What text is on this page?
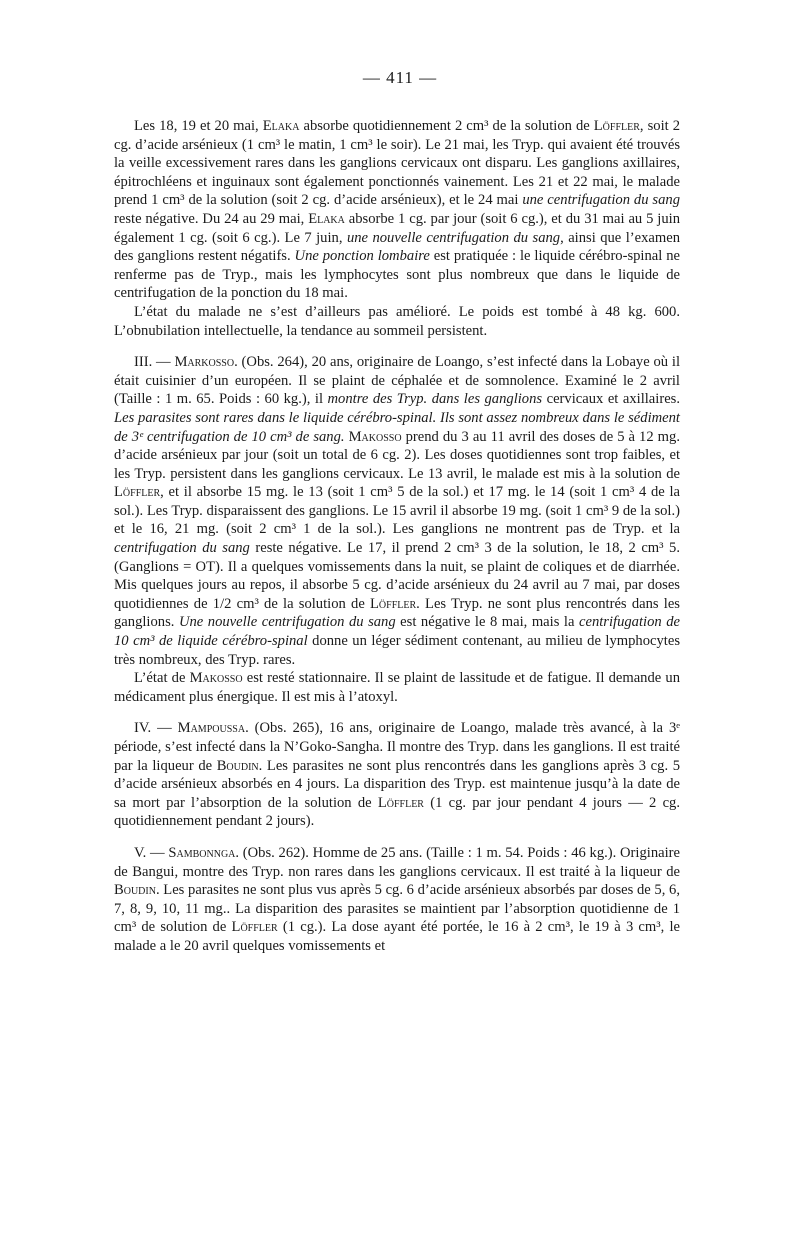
— 411 —

Les 18, 19 et 20 mai, Elaka absorbe quotidiennement 2 cm³ de la solution de Löffler, soit 2 cg. d’acide arsénieux (1 cm³ le matin, 1 cm³ le soir). Le 21 mai, les Tryp. qui avaient été trouvés la veille excessivement rares dans les ganglions cervicaux ont disparu. Les ganglions axillaires, épitrochléens et inguinaux sont également ponctionnés vainement. Les 21 et 22 mai, le malade prend 1 cm³ de la solution (soit 2 cg. d’acide arsénieux), et le 24 mai une centrifugation du sang reste négative. Du 24 au 29 mai, Elaka absorbe 1 cg. par jour (soit 6 cg.), et du 31 mai au 5 juin également 1 cg. (soit 6 cg.). Le 7 juin, une nouvelle centrifugation du sang, ainsi que l’examen des ganglions restent négatifs. Une ponction lombaire est pratiquée : le liquide cérébro-spinal ne renferme pas de Tryp., mais les lymphocytes sont plus nombreux que dans le liquide de centrifugation de la ponction du 18 mai.

L’état du malade ne s’est d’ailleurs pas amélioré. Le poids est tombé à 48 kg. 600. L’obnubilation intellectuelle, la tendance au sommeil persistent.

III. — Markosso. (Obs. 264), 20 ans, originaire de Loango, s’est infecté dans la Lobaye où il était cuisinier d’un européen. Il se plaint de céphalée et de somnolence. Examiné le 2 avril (Taille : 1 m. 65. Poids : 60 kg.), il montre des Tryp. dans les ganglions cervicaux et axillaires. Les parasites sont rares dans le liquide cérébro-spinal. Ils sont assez nombreux dans le sédiment de 3ᵉ centrifugation de 10 cm³ de sang. Makosso prend du 3 au 11 avril des doses de 5 à 12 mg. d’acide arsénieux par jour (soit un total de 6 cg. 2). Les doses quotidiennes sont trop faibles, et les Tryp. persistent dans les ganglions cervicaux. Le 13 avril, le malade est mis à la solution de Löffler, et il absorbe 15 mg. le 13 (soit 1 cm³ 5 de la sol.) et 17 mg. le 14 (soit 1 cm³ 4 de la sol.). Les Tryp. disparaissent des ganglions. Le 15 avril il absorbe 19 mg. (soit 1 cm³ 9 de la sol.) et le 16, 21 mg. (soit 2 cm³ 1 de la sol.). Les ganglions ne montrent pas de Tryp. et la centrifugation du sang reste négative. Le 17, il prend 2 cm³ 3 de la solution, le 18, 2 cm³ 5.(Ganglions = OT). Il a quelques vomissements dans la nuit, se plaint de coliques et de diarrhée. Mis quelques jours au repos, il absorbe 5 cg. d’acide arsénieux du 24 avril au 7 mai, par doses quotidiennes de 1/2 cm³ de la solution de Löffler. Les Tryp. ne sont plus rencontrés dans les ganglions. Une nouvelle centrifugation du sang est négative le 8 mai, mais la centrifugation de 10 cm³ de liquide cérébro-spinal donne un léger sédiment contenant, au milieu de lymphocytes très nombreux, des Tryp. rares.

L’état de Makosso est resté stationnaire. Il se plaint de lassitude et de fatigue. Il demande un médicament plus énergique. Il est mis à l’atoxyl.

IV. — Mampoussa. (Obs. 265), 16 ans, originaire de Loango, malade très avancé, à la 3ᵉ période, s’est infecté dans la N’Goko-Sangha. Il montre des Tryp. dans les ganglions. Il est traité par la liqueur de Boudin. Les parasites ne sont plus rencontrés dans les ganglions après 3 cg. 5 d’acide arsénieux absorbés en 4 jours. La disparition des Tryp. est maintenue jusqu’à la date de sa mort par l’absorption de la solution de Löffler (1 cg. par jour pendant 4 jours — 2 cg. quotidiennement pendant 2 jours).

V. — Sambonnga. (Obs. 262). Homme de 25 ans. (Taille : 1 m. 54. Poids : 46 kg.). Originaire de Bangui, montre des Tryp. non rares dans les ganglions cervicaux. Il est traité à la liqueur de Boudin. Les parasites ne sont plus vus après 5 cg. 6 d’acide arsénieux absorbés par doses de 5, 6, 7, 8, 9, 10, 11 mg.. La disparition des parasites se maintient par l’absorption quotidienne de 1 cm³ de solution de Löffler (1 cg.). La dose ayant été portée, le 16 à 2 cm³, le 19 à 3 cm³, le malade a le 20 avril quelques vomissements et
